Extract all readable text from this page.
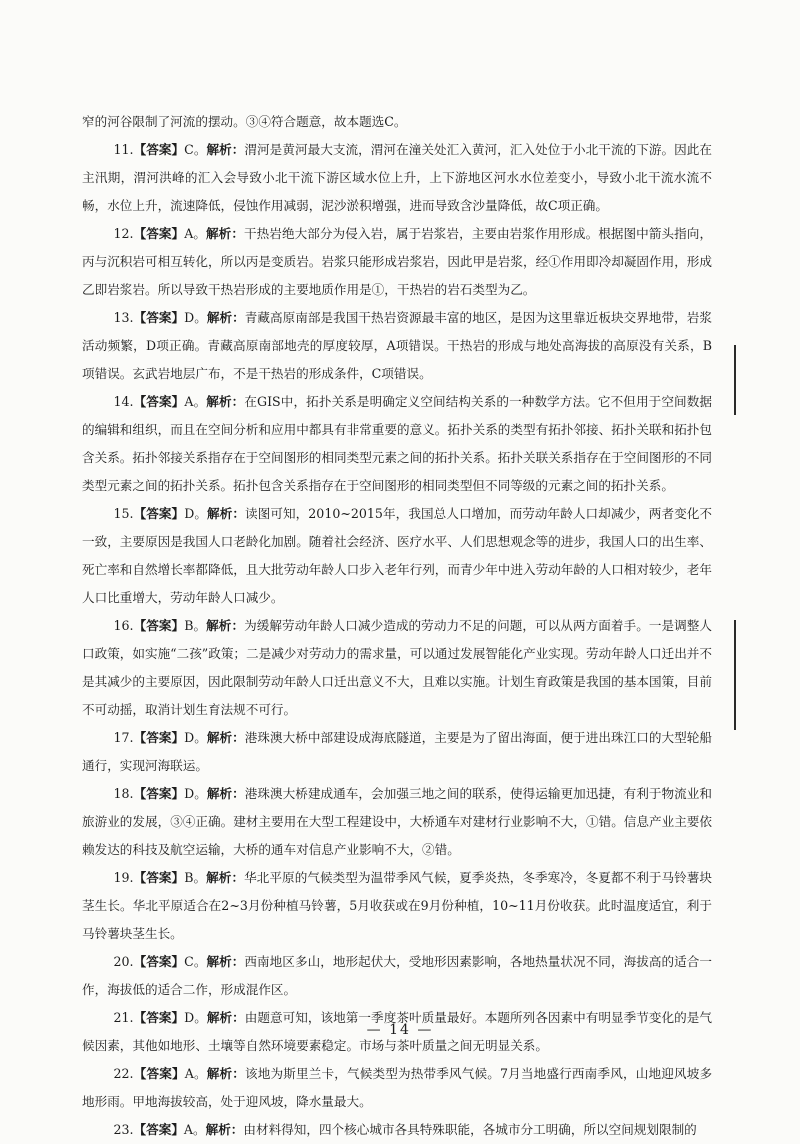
窄的河谷限制了河流的摆动。③④符合题意，故本题选C。

11.【答案】C。解析：渭河是黄河最大支流，渭河在潼关处汇入黄河，汇入处位于小北干流的下游。因此在主汛期，渭河洪峰的汇入会导致小北干流下游区域水位上升，上下游地区河水水位差变小，导致小北干流水流不畅，水位上升，流速降低，侵蚀作用减弱，泥沙淤积增强，进而导致含沙量降低，故C项正确。

12.【答案】A。解析：干热岩绝大部分为侵入岩，属于岩浆岩，主要由岩浆作用形成。根据图中箭头指向，丙与沉积岩可相互转化，所以丙是变质岩。岩浆只能形成岩浆岩，因此甲是岩浆，经①作用即冷却凝固作用，形成乙即岩浆岩。所以导致干热岩形成的主要地质作用是①，干热岩的岩石类型为乙。

13.【答案】D。解析：青藏高原南部是我国干热岩资源最丰富的地区，是因为这里靠近板块交界地带，岩浆活动频繁，D项正确。青藏高原南部地壳的厚度较厚，A项错误。干热岩的形成与地处高海拔的高原没有关系，B项错误。玄武岩地层广布，不是干热岩的形成条件，C项错误。

14.【答案】A。解析：在GIS中，拓扑关系是明确定义空间结构关系的一种数学方法。它不但用于空间数据的编辑和组织，而且在空间分析和应用中都具有非常重要的意义。拓扑关系的类型有拓扑邻接、拓扑关联和拓扑包含关系。拓扑邻接关系指存在于空间图形的相同类型元素之间的拓扑关系。拓扑关联关系指存在于空间图形的不同类型元素之间的拓扑关系。拓扑包含关系指存在于空间图形的相同类型但不同等级的元素之间的拓扑关系。

15.【答案】D。解析：读图可知，2010~2015年，我国总人口增加，而劳动年龄人口却减少，两者变化不一致，主要原因是我国人口老龄化加剧。随着社会经济、医疗水平、人们思想观念等的进步，我国人口的出生率、死亡率和自然增长率都降低，且大批劳动年龄人口步入老年行列，而青少年中进入劳动年龄的人口相对较少，老年人口比重增大，劳动年龄人口减少。

16.【答案】B。解析：为缓解劳动年龄人口减少造成的劳动力不足的问题，可以从两方面着手。一是调整人口政策，如实施“二孩”政策；二是减少对劳动力的需求量，可以通过发展智能化产业实现。劳动年龄人口迁出并不是其减少的主要原因，因此限制劳动年龄人口迁出意义不大，且难以实施。计划生育政策是我国的基本国策，目前不可动摇，取消计划生育法规不可行。

17.【答案】D。解析：港珠澳大桥中部建设成海底隧道，主要是为了留出海面，便于进出珠江口的大型轮船通行，实现河海联运。

18.【答案】D。解析：港珠澳大桥建成通车，会加强三地之间的联系，使得运输更加迅捷，有利于物流业和旅游业的发展，③④正确。建材主要用在大型工程建设中，大桥通车对建材行业影响不大，①错。信息产业主要依赖发达的科技及航空运输，大桥的通车对信息产业影响不大，②错。

19.【答案】B。解析：华北平原的气候类型为温带季风气候，夏季炎热，冬季寒冷，冬夏都不利于马铃薯块茎生长。华北平原适合在2~3月份种植马铃薯，5月收获或在9月份种植，10~11月份收获。此时温度适宜，利于马铃薯块茎生长。

20.【答案】C。解析：西南地区多山，地形起伏大，受地形因素影响，各地热量状况不同，海拔高的适合一作，海拔低的适合二作，形成混作区。

21.【答案】D。解析：由题意可知，该地第一季度茶叶质量最好。本题所列各因素中有明显季节变化的是气候因素，其他如地形、土壤等自然环境要素稳定。市场与茶叶质量之间无明显关系。

22.【答案】A。解析：该地为斯里兰卡，气候类型为热带季风气候。7月当地盛行西南季风，山地迎风坡多地形雨。甲地海拔较高，处于迎风坡，降水量最大。

23.【答案】A。解析：由材料得知，四个核心城市各具特殊职能，各城市分工明确，所以空间规划限制的

— 14 —
